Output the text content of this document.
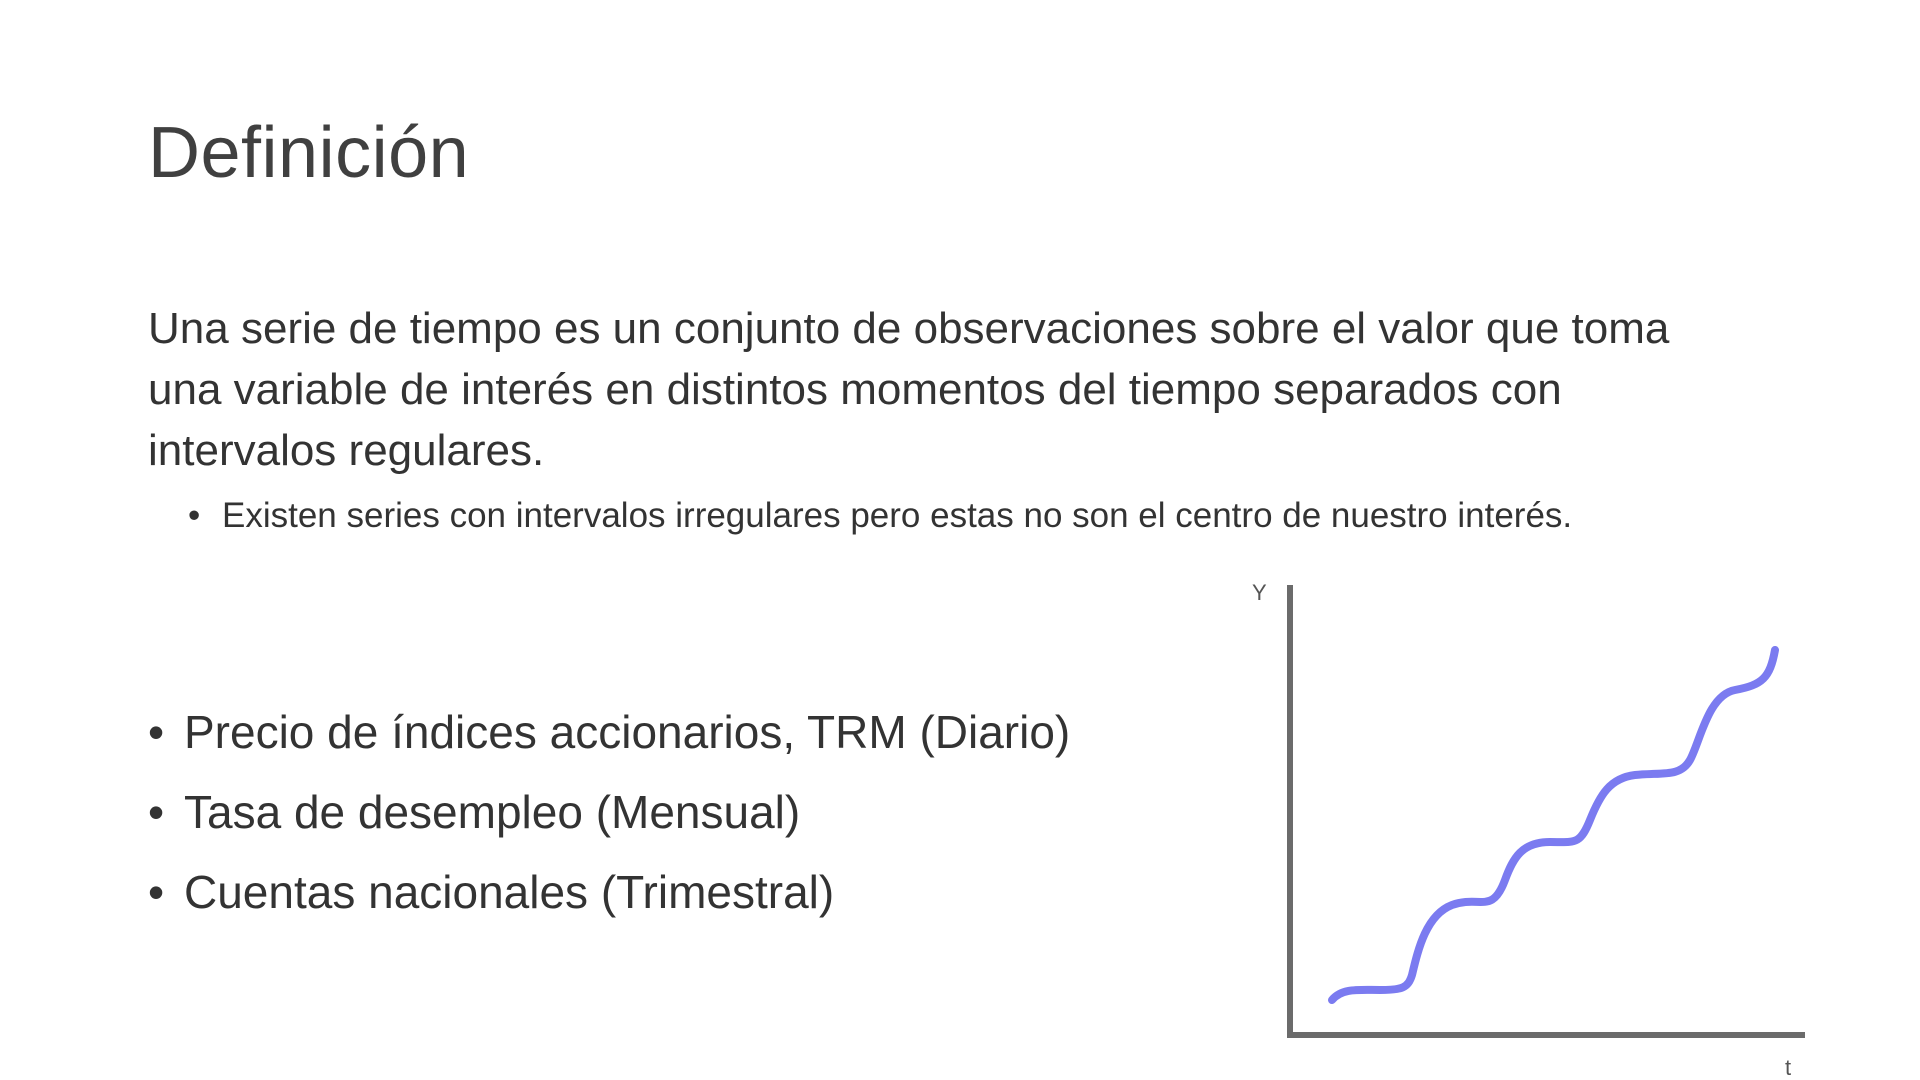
Definición

Una serie de tiempo es un conjunto de observaciones sobre el valor que toma una variable de interés en distintos momentos del tiempo separados con intervalos regulares.

• Existen series con intervalos irregulares pero estas no son el centro de nuestro interés.

• Precio de índices accionarios, TRM (Diario)
• Tasa de desempleo (Mensual)
• Cuentas nacionales (Trimestral)
Y
t
